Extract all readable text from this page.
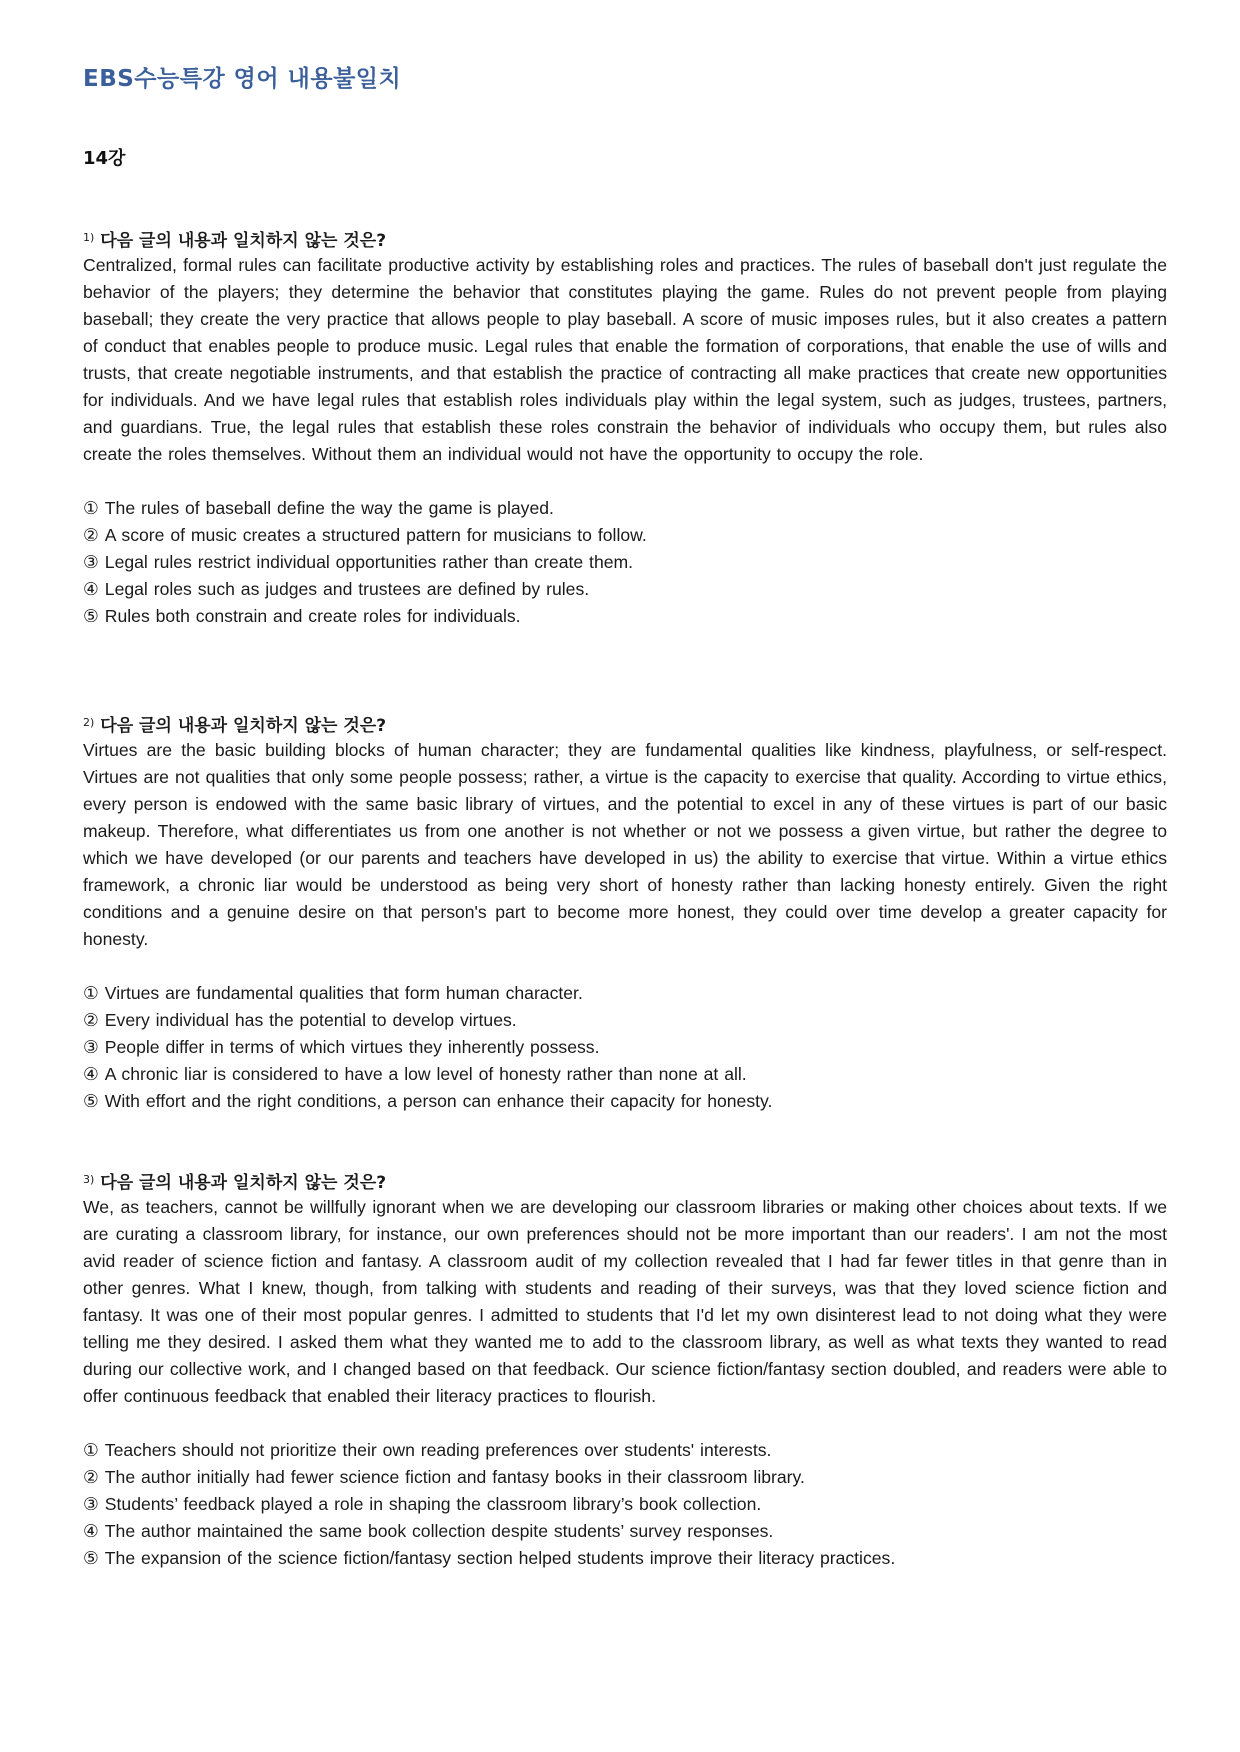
EBS수능특강 영어 내용불일치
14강
$^{1)}$ 다음 글의 내용과 일치하지 않는 것은?

Centralized, formal rules can facilitate productive activity by establishing roles and practices. The rules of baseball don't just regulate the behavior of the players; they determine the behavior that constitutes playing the game. Rules do not prevent people from playing baseball; they create the very practice that allows people to play baseball. A score of music imposes rules, but it also creates a pattern of conduct that enables people to produce music. Legal rules that enable the formation of corporations, that enable the use of wills and trusts, that create negotiable instruments, and that establish the practice of contracting all make practices that create new opportunities for individuals. And we have legal rules that establish roles individuals play within the legal system, such as judges, trustees, partners, and guardians. True, the legal rules that establish these roles constrain the behavior of individuals who occupy them, but rules also create the roles themselves. Without them an individual would not have the opportunity to occupy the role.

① The rules of baseball define the way the game is played.
② A score of music creates a structured pattern for musicians to follow.
③ Legal rules restrict individual opportunities rather than create them.
④ Legal roles such as judges and trustees are defined by rules.
⑤ Rules both constrain and create roles for individuals.
$^{2)}$ 다음 글의 내용과 일치하지 않는 것은?

Virtues are the basic building blocks of human character; they are fundamental qualities like kindness, playfulness, or self-respect. Virtues are not qualities that only some people possess; rather, a virtue is the capacity to exercise that quality. According to virtue ethics, every person is endowed with the same basic library of virtues, and the potential to excel in any of these virtues is part of our basic makeup. Therefore, what differentiates us from one another is not whether or not we possess a given virtue, but rather the degree to which we have developed (or our parents and teachers have developed in us) the ability to exercise that virtue. Within a virtue ethics framework, a chronic liar would be understood as being very short of honesty rather than lacking honesty entirely. Given the right conditions and a genuine desire on that person's part to become more honest, they could over time develop a greater capacity for honesty.

① Virtues are fundamental qualities that form human character.
② Every individual has the potential to develop virtues.
③ People differ in terms of which virtues they inherently possess.
④ A chronic liar is considered to have a low level of honesty rather than none at all.
⑤ With effort and the right conditions, a person can enhance their capacity for honesty.
$^{3)}$ 다음 글의 내용과 일치하지 않는 것은?

We, as teachers, cannot be willfully ignorant when we are developing our classroom libraries or making other choices about texts. If we are curating a classroom library, for instance, our own preferences should not be more important than our readers'. I am not the most avid reader of science fiction and fantasy. A classroom audit of my collection revealed that I had far fewer titles in that genre than in other genres. What I knew, though, from talking with students and reading of their surveys, was that they loved science fiction and fantasy. It was one of their most popular genres. I admitted to students that I'd let my own disinterest lead to not doing what they were telling me they desired. I asked them what they wanted me to add to the classroom library, as well as what texts they wanted to read during our collective work, and I changed based on that feedback. Our science fiction/fantasy section doubled, and readers were able to offer continuous feedback that enabled their literacy practices to flourish.

① Teachers should not prioritize their own reading preferences over students' interests.
② The author initially had fewer science fiction and fantasy books in their classroom library.
③ Students’ feedback played a role in shaping the classroom library’s book collection.
④ The author maintained the same book collection despite students’ survey responses.
⑤ The expansion of the science fiction/fantasy section helped students improve their literacy practices.
